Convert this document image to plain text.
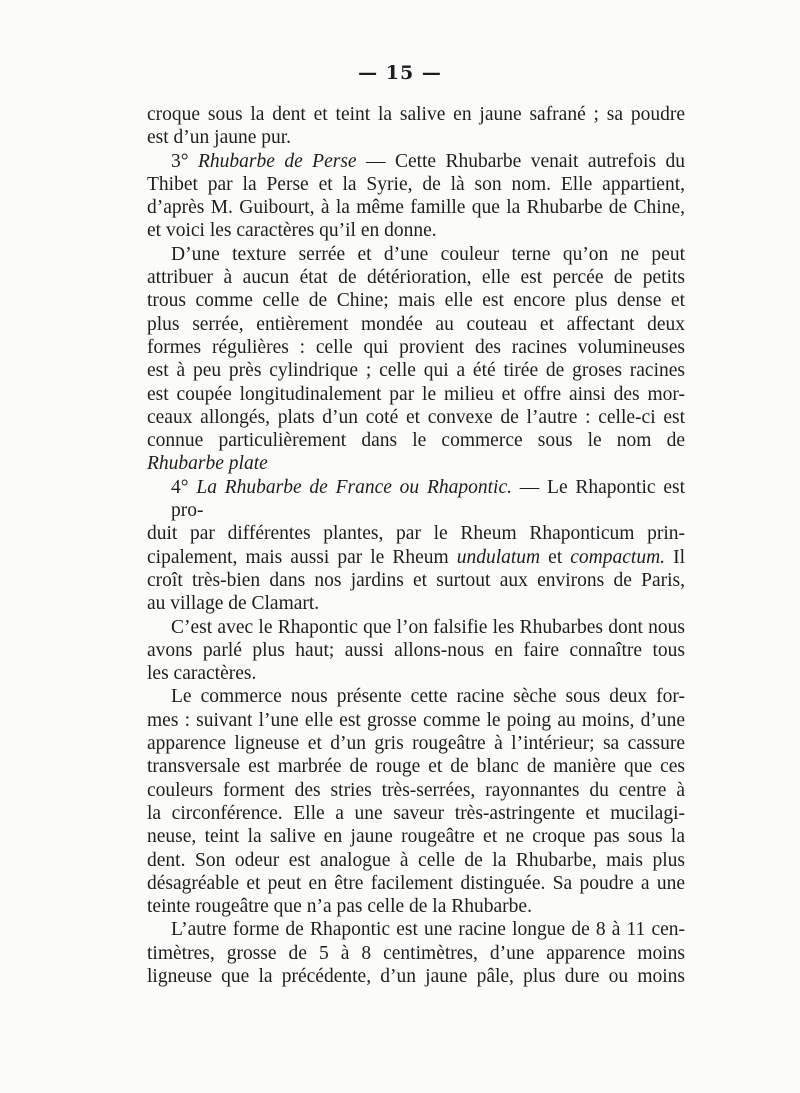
— 15 —

croque sous la dent et teint la salive en jaune safrané ; sa poudre

est d’un jaune pur.

3° Rhubarbe de Perse — Cette Rhubarbe venait autrefois du

Thibet par la Perse et la Syrie, de là son nom. Elle appartient,

d’après M. Guibourt, à la même famille que la Rhubarbe de Chine,

et voici les caractères qu’il en donne.

D’une texture serrée et d’une couleur terne qu’on ne peut

attribuer à aucun état de détérioration, elle est percée de petits

trous comme celle de Chine; mais elle est encore plus dense et

plus serrée, entièrement mondée au couteau et affectant deux

formes régulières : celle qui provient des racines volumineuses

est à peu près cylindrique ; celle qui a été tirée de groses racines

est coupée longitudinalement par le milieu et offre ainsi des mor-

ceaux allongés, plats d’un coté et convexe de l’autre : celle-ci est

connue particulièrement dans le commerce sous le nom de

Rhubarbe plate

4° La Rhubarbe de France ou Rhapontic. — Le Rhapontic est pro-

duit par différentes plantes, par le Rheum Rhaponticum prin-

cipalement, mais aussi par le Rheum undulatum et compactum. Il

croît très-bien dans nos jardins et surtout aux environs de Paris,

au village de Clamart.

C’est avec le Rhapontic que l’on falsifie les Rhubarbes dont nous

avons parlé plus haut; aussi allons-nous en faire connaître tous

les caractères.

Le commerce nous présente cette racine sèche sous deux for-

mes : suivant l’une elle est grosse comme le poing au moins, d’une

apparence ligneuse et d’un gris rougeâtre à l’intérieur; sa cassure

transversale est marbrée de rouge et de blanc de manière que ces

couleurs forment des stries très-serrées, rayonnantes du centre à

la circonférence. Elle a une saveur très-astringente et mucilagi-

neuse, teint la salive en jaune rougeâtre et ne croque pas sous la

dent. Son odeur est analogue à celle de la Rhubarbe, mais plus

désagréable et peut en être facilement distinguée. Sa poudre a une

teinte rougeâtre que n’a pas celle de la Rhubarbe.

L’autre forme de Rhapontic est une racine longue de 8 à 11 cen-

timètres, grosse de 5 à 8 centimètres, d’une apparence moins

ligneuse que la précédente, d’un jaune pâle, plus dure ou moins
